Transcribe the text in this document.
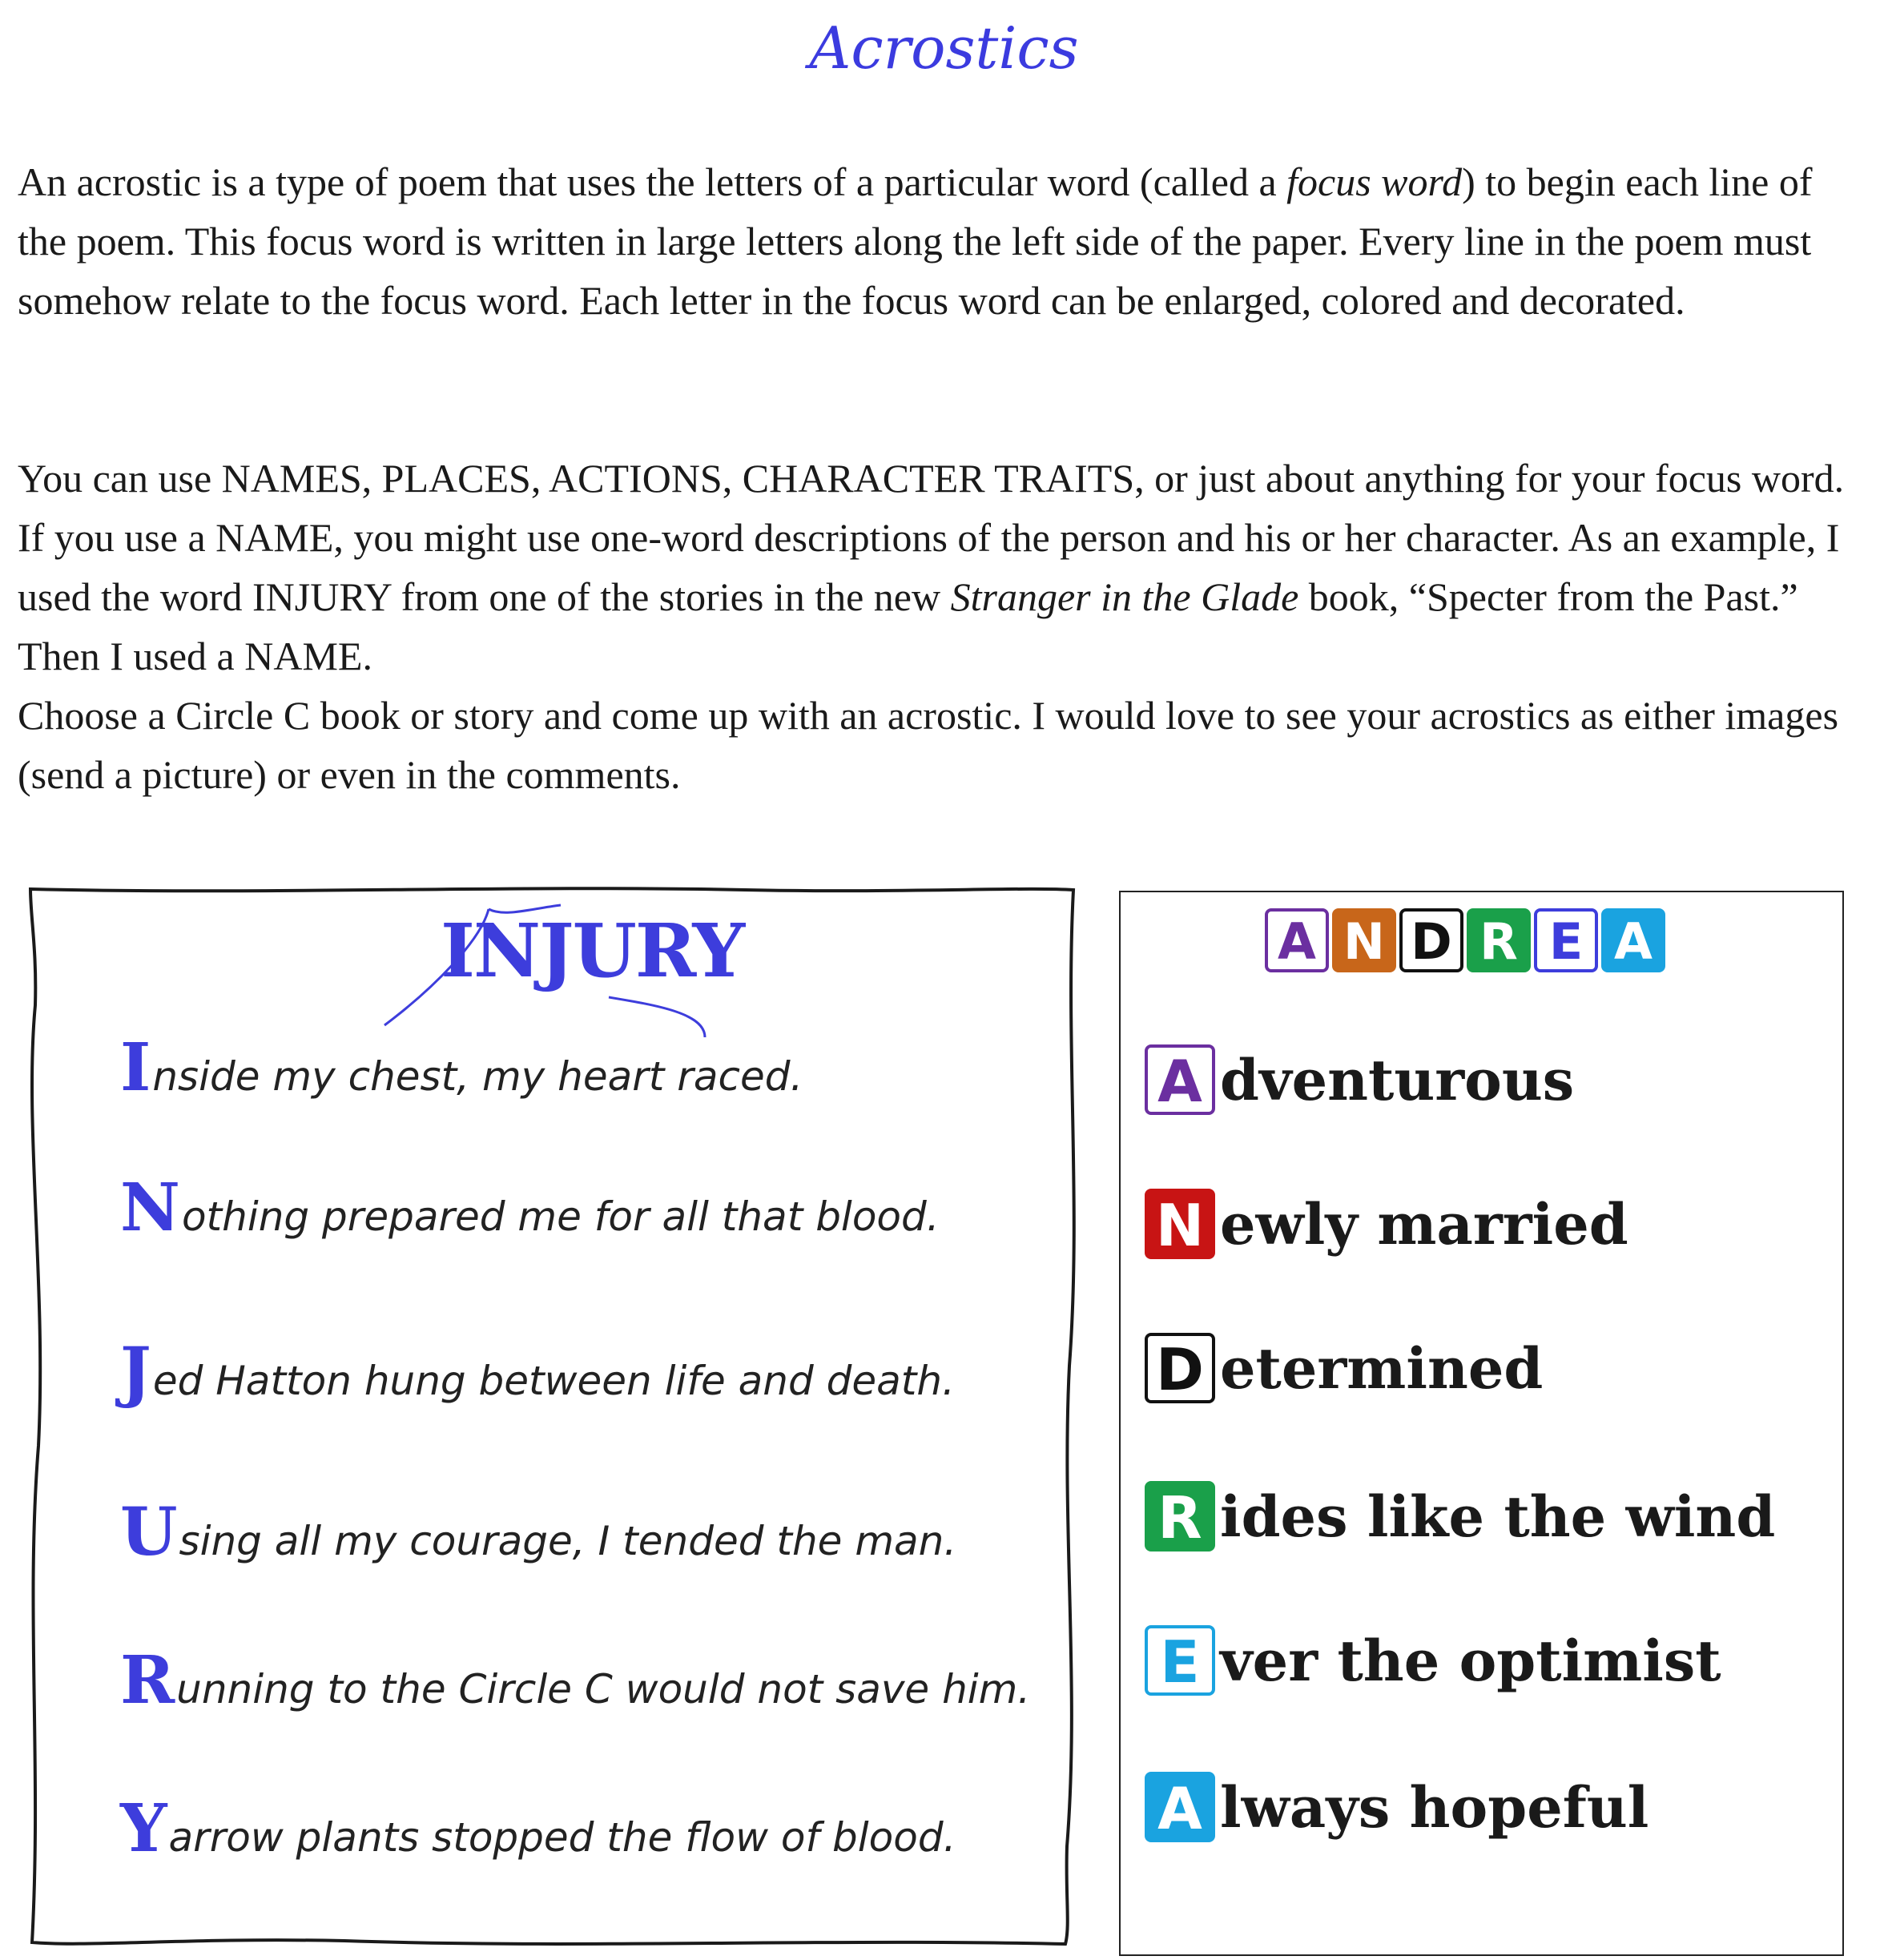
Acrostics

An acrostic is a type of poem that uses the letters of a particular word (called a focus word) to begin each line of the poem. This focus word is written in large letters along the left side of the paper. Every line in the poem must somehow relate to the focus word. Each letter in the focus word can be enlarged, colored and decorated.

You can use NAMES, PLACES, ACTIONS, CHARACTER TRAITS, or just about anything for your focus word. If you use a NAME, you might use one-word descriptions of the person and his or her character. As an example, I used the word INJURY from one of the stories in the new Stranger in the Glade book, “Specter from the Past.” Then I used a NAME.

Choose a Circle C book or story and come up with an acrostic. I would love to see your acrostics as either images (send a picture) or even in the comments.

INJURY
Inside my chest, my heart raced.
Nothing prepared me for all that blood.
Jed Hatton hung between life and death.
Using all my courage, I tended the man.
Running to the Circle C would not save him.
Yarrow plants stopped the flow of blood.
A N D R E A
A dventurous
N ewly married
D etermined
R ides like the wind
E ver the optimist
A lways hopeful
